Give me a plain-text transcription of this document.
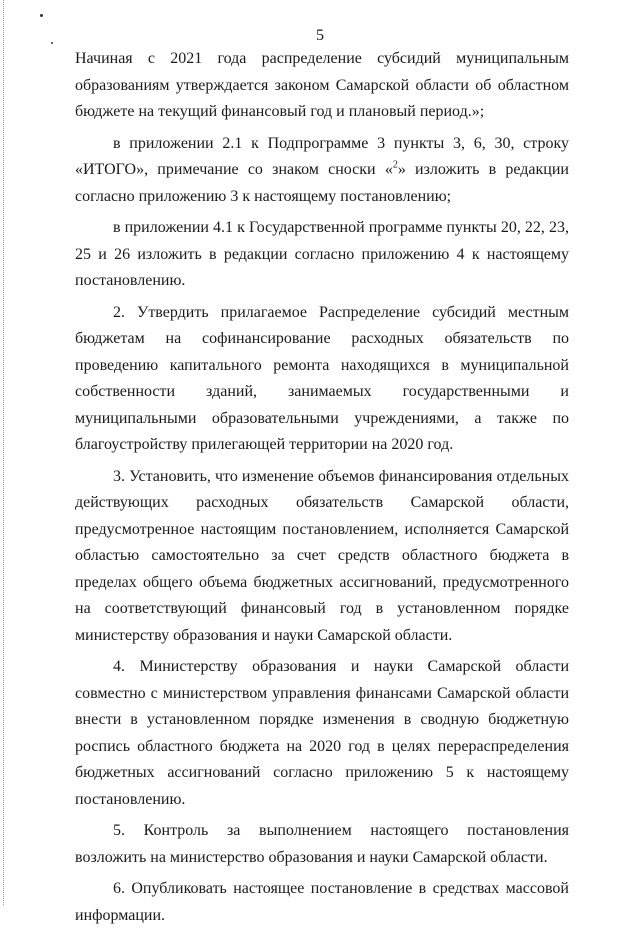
5

Начиная с 2021 года распределение субсидий муниципальным образованиям утверждается законом Самарской области об областном бюджете на текущий финансовый год и плановый период.»;

в приложении 2.1 к Подпрограмме 3 пункты 3, 6, 30, строку «ИТОГО», примечание со знаком сноски «$^2$» изложить в редакции согласно приложению 3 к настоящему постановлению;

в приложении 4.1 к Государственной программе пункты 20, 22, 23, 25 и 26 изложить в редакции согласно приложению 4 к настоящему постановлению.

2. Утвердить прилагаемое Распределение субсидий местным бюджетам на софинансирование расходных обязательств по проведению капитального ремонта находящихся в муниципальной собственности зданий, занимаемых государственными и муниципальными образовательными учреждениями, а также по благоустройству прилегающей территории на 2020 год.

3. Установить, что изменение объемов финансирования отдельных действующих расходных обязательств Самарской области, предусмотренное настоящим постановлением, исполняется Самарской областью самостоятельно за счет средств областного бюджета в пределах общего объема бюджетных ассигнований, предусмотренного на соответствующий финансовый год в установленном порядке министерству образования и науки Самарской области.

4. Министерству образования и науки Самарской области совместно с министерством управления финансами Самарской области внести в установленном порядке изменения в сводную бюджетную роспись областного бюджета на 2020 год в целях перераспределения бюджетных ассигнований согласно приложению 5 к настоящему постановлению.

5. Контроль за выполнением настоящего постановления возложить на министерство образования и науки Самарской области.

6. Опубликовать настоящее постановление в средствах массовой информации.
